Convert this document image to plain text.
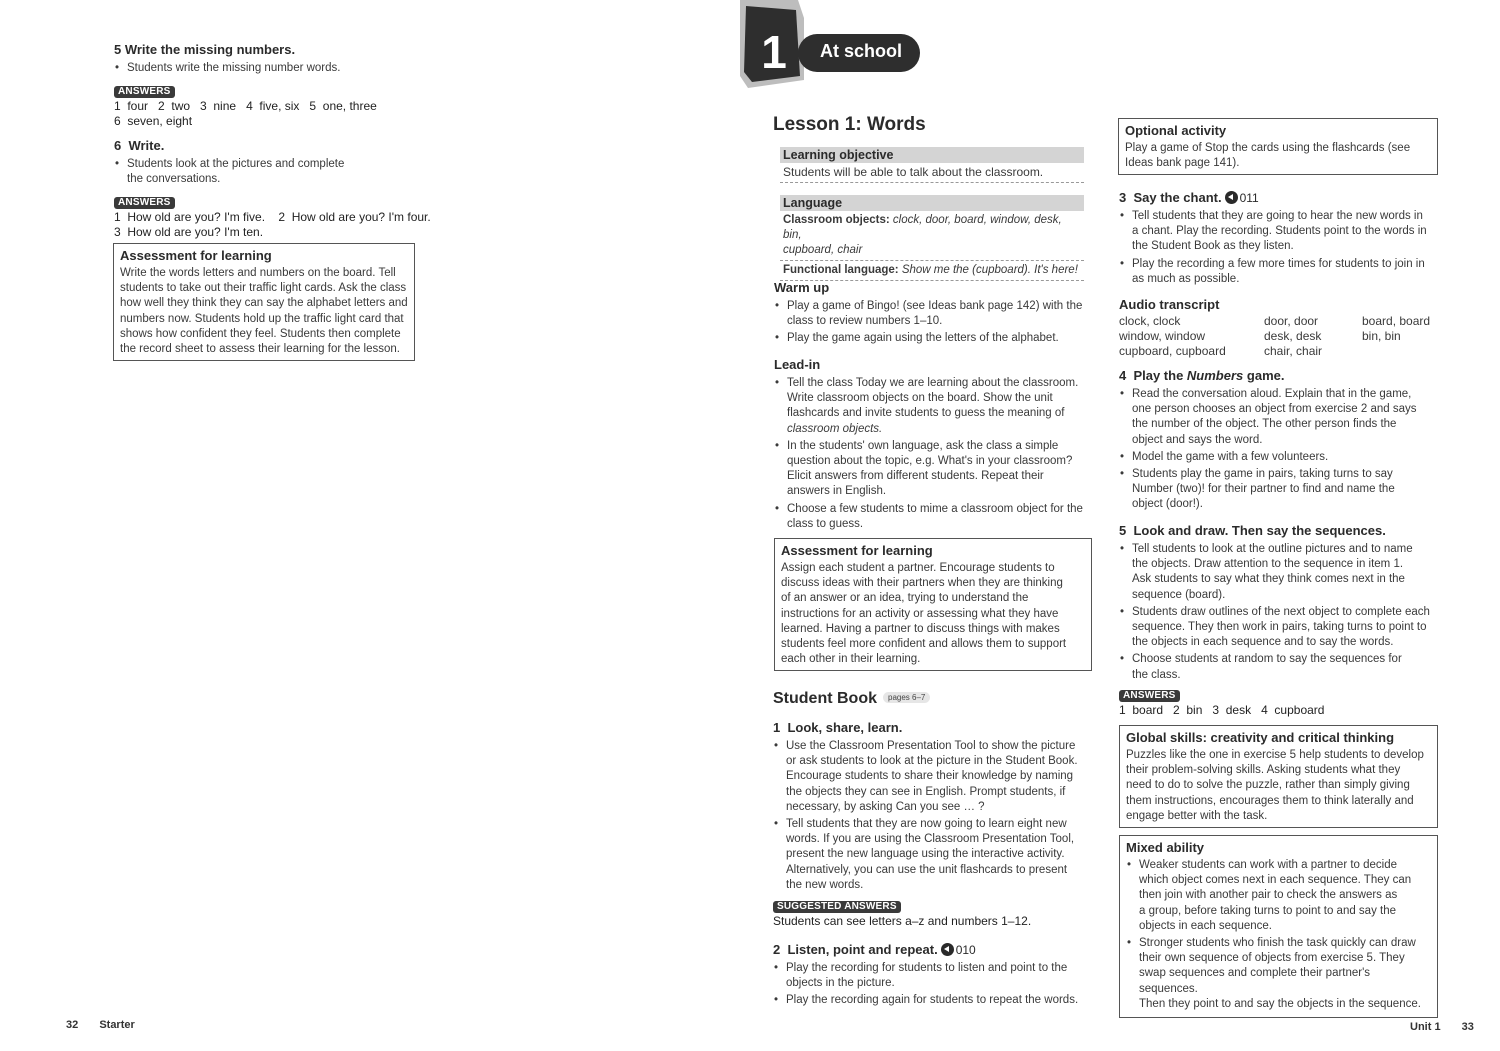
5 Write the missing numbers.

• Students write the missing number words.
ANSWERS
1  four   2  two   3  nine   4  five, six   5  one, three
6  seven, eight

6  Write.

• Students look at the pictures and complete
the conversations.
ANSWERS
1  How old are you? I'm five.    2  How old are you? I'm four.
3  How old are you? I'm ten.
Assessment for learning
Write the words letters and numbers on the board. Tell
students to take out their traffic light cards. Ask the class
how well they think they can say the alphabet letters and
numbers now. Students hold up the traffic light card that
shows how confident they feel. Students then complete
the record sheet to assess their learning for the lesson.
32 Starter
1	At school
Lesson 1: Words
Learning objective
Students will be able to talk about the classroom.
Language
Classroom objects: clock, door, board, window, desk, bin,
cupboard, chair
Functional language: Show me the (cupboard). It's here!

Warm up

• Play a game of Bingo! (see Ideas bank page 142) with the
class to review numbers 1–10.
• Play the game again using the letters of the alphabet.

Lead-in

• Tell the class Today we are learning about the classroom.
Write classroom objects on the board. Show the unit
flashcards and invite students to guess the meaning of
classroom objects.
• In the students' own language, ask the class a simple
question about the topic, e.g. What's in your classroom?
Elicit answers from different students. Repeat their
answers in English.
• Choose a few students to mime a classroom object for the
class to guess.
Assessment for learning
Assign each student a partner. Encourage students to
discuss ideas with their partners when they are thinking
of an answer or an idea, trying to understand the
instructions for an activity or assessing what they have
learned. Having a partner to discuss things with makes
students feel more confident and allows them to support
each other in their learning.
Student Book pages 6–7

1  Look, share, learn.

• Use the Classroom Presentation Tool to show the picture
or ask students to look at the picture in the Student Book.
Encourage students to share their knowledge by naming
the objects they can see in English. Prompt students, if
necessary, by asking Can you see … ?
• Tell students that they are now going to learn eight new
words. If you are using the Classroom Presentation Tool,
present the new language using the interactive activity.
Alternatively, you can use the unit flashcards to present
the new words.
SUGGESTED ANSWERS
Students can see letters a–z and numbers 1–12.

2  Listen, point and repeat. 010

• Play the recording for students to listen and point to the
objects in the picture.
• Play the recording again for students to repeat the words.
Optional activity
Play a game of Stop the cards using the flashcards (see
Ideas bank page 141).

3  Say the chant. 011

• Tell students that they are going to hear the new words in
a chant. Play the recording. Students point to the words in
the Student Book as they listen.
• Play the recording a few more times for students to join in
as much as possible.

Audio transcript

clock, clock
window, window
cupboard, cupboard
door, door
desk, desk
chair, chair
board, board
bin, bin

4  Play the Numbers game.

• Read the conversation aloud. Explain that in the game,
one person chooses an object from exercise 2 and says
the number of the object. The other person finds the
object and says the word.
• Model the game with a few volunteers.
• Students play the game in pairs, taking turns to say
Number (two)! for their partner to find and name the
object (door!).

5  Look and draw. Then say the sequences.

• Tell students to look at the outline pictures and to name
the objects. Draw attention to the sequence in item 1.
Ask students to say what they think comes next in the
sequence (board).
• Students draw outlines of the next object to complete each
sequence. They then work in pairs, taking turns to point to
the objects in each sequence and to say the words.
• Choose students at random to say the sequences for
the class.
ANSWERS
1  board   2  bin   3  desk   4  cupboard
Global skills: creativity and critical thinking
Puzzles like the one in exercise 5 help students to develop
their problem-solving skills. Asking students what they
need to do to solve the puzzle, rather than simply giving
them instructions, encourages them to think laterally and
engage better with the task.
Mixed ability
• Weaker students can work with a partner to decide
which object comes next in each sequence. They can
then join with another pair to check the answers as
a group, before taking turns to point to and say the
objects in each sequence.
• Stronger students who finish the task quickly can draw
their own sequence of objects from exercise 5. They
swap sequences and complete their partner's sequences.
Then they point to and say the objects in the sequence.
Unit 1 33
